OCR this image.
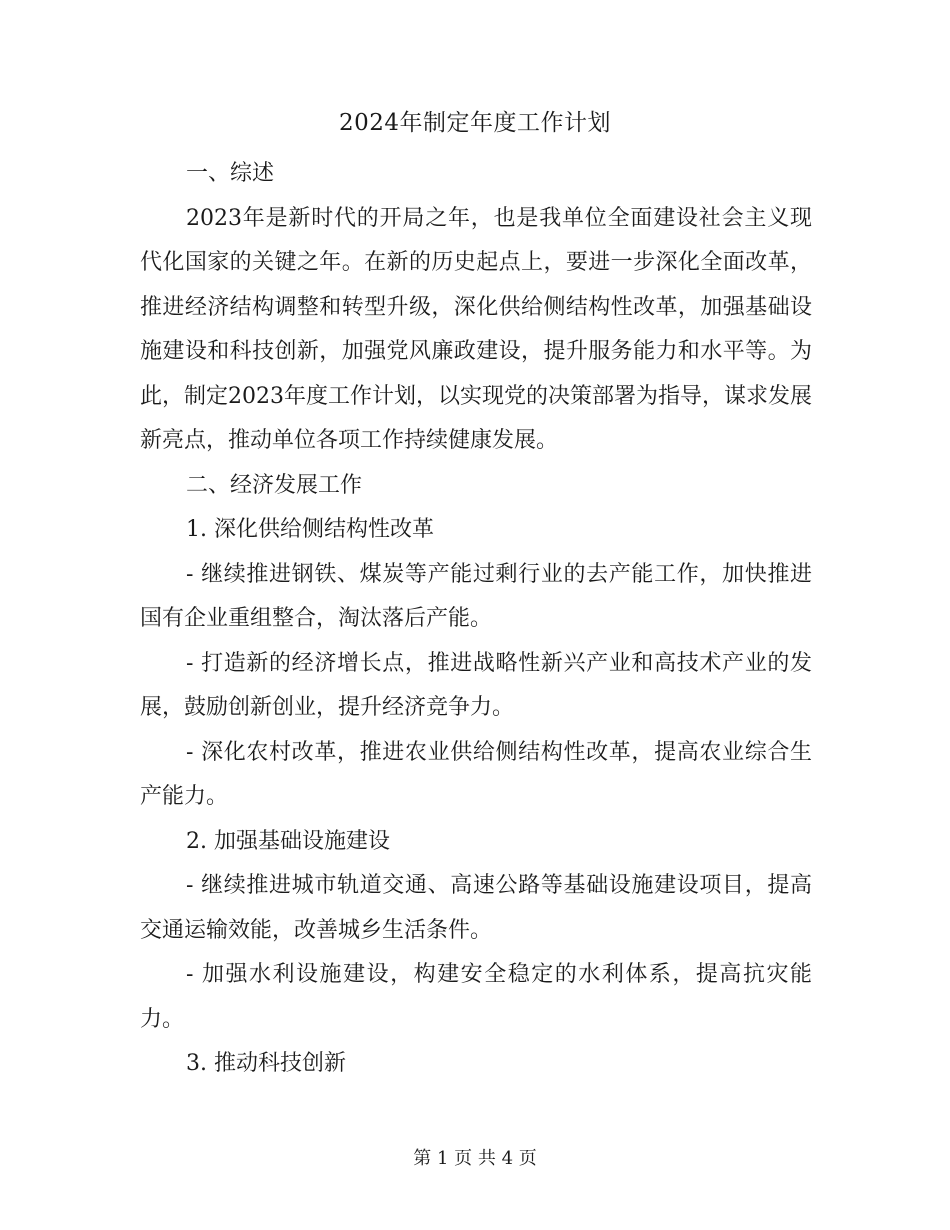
2024年制定年度工作计划

一、综述

2023年是新时代的开局之年，也是我单位全面建设社会主义现代化国家的关键之年。在新的历史起点上，要进一步深化全面改革，推进经济结构调整和转型升级，深化供给侧结构性改革，加强基础设施建设和科技创新，加强党风廉政建设，提升服务能力和水平等。为此，制定2023年度工作计划，以实现党的决策部署为指导，谋求发展新亮点，推动单位各项工作持续健康发展。

二、经济发展工作

1. 深化供给侧结构性改革

- 继续推进钢铁、煤炭等产能过剩行业的去产能工作，加快推进国有企业重组整合，淘汰落后产能。

- 打造新的经济增长点，推进战略性新兴产业和高技术产业的发展，鼓励创新创业，提升经济竞争力。

- 深化农村改革，推进农业供给侧结构性改革，提高农业综合生产能力。

2. 加强基础设施建设

- 继续推进城市轨道交通、高速公路等基础设施建设项目，提高交通运输效能，改善城乡生活条件。

- 加强水利设施建设，构建安全稳定的水利体系，提高抗灾能力。

3. 推动科技创新

第 1 页 共 4 页
